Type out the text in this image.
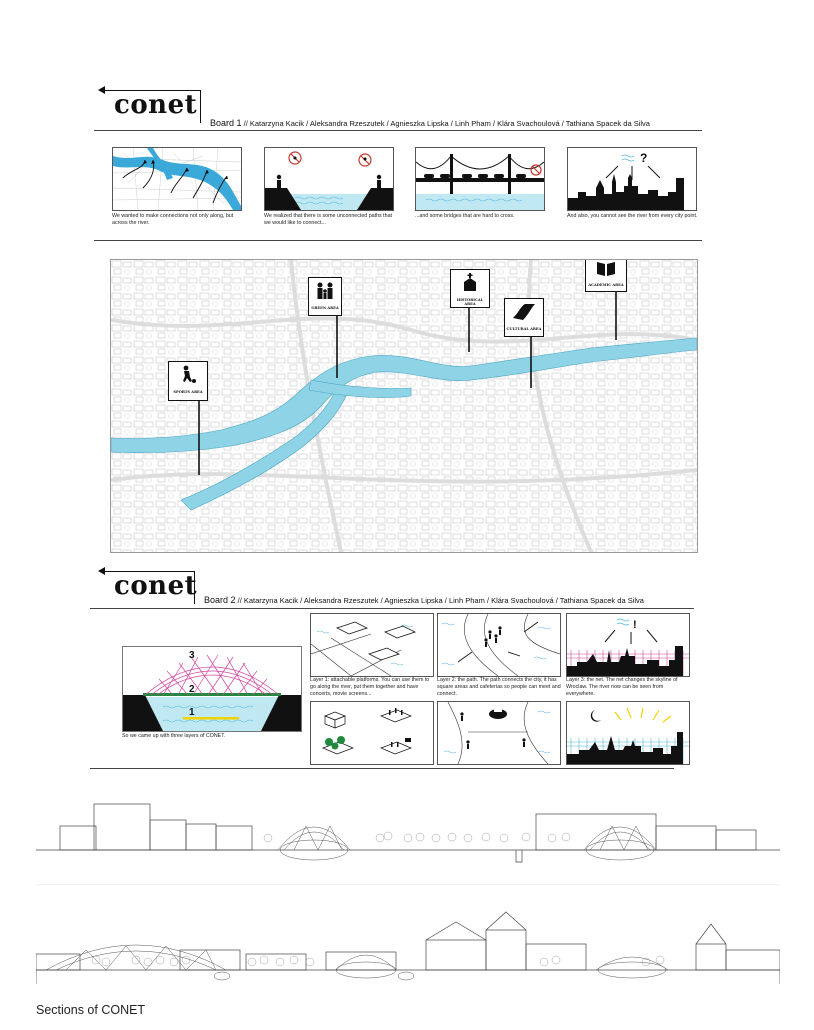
conet
Board 1 // Katarzyna Kacik / Aleksandra Rzeszutek / Agnieszka Lipska / Linh Pham / Klára Svachoulová / Tathiana Spacek da Silva
We wanted to make connections not only along, but across the river.
We realized that there is some unconnected paths that we would like to connect...
...and some bridges that are hard to cross.
?
And also, you cannot see the river from every city point.
GREEN AREA
HISTORICAL AREA
ACADEMIC AREA
CULTURAL AREA
SPORTS AREA
conet Board 2 // Katarzyna Kacik / Aleksandra Rzeszutek / Agnieszka Lipska / Linh Pham / Klára Svachoulová / Tathiana Spacek da Silva
3
2
1
So we came up with three layers of CONET.
Layer 1: attachable platforms. You can use them to go along the river, put them together and have concerts, movie screens...
Layer 2: the path. The path connects the city, it has square areas and cafeterias so people can meet and connect.
!
Layer 3: the net. The net changes the skyline of Wroclaw. The river now can be seen from everywhere.
Sections of CONET
